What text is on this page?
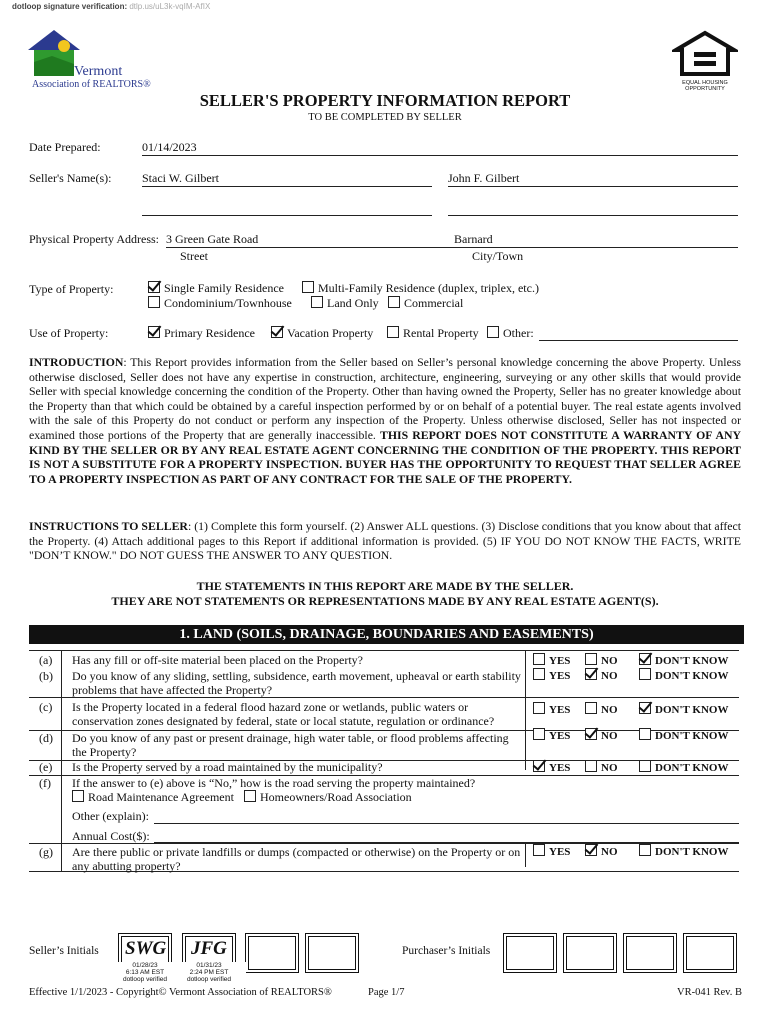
dotloop signature verification: dtlp.us/uL3k-vqIM-AfIX
Vermont
Association of REALTORS®	EQUAL HOUSING OPPORTUNITY
SELLER'S PROPERTY INFORMATION REPORT
TO BE COMPLETED BY SELLER
Date Prepared:	01/14/2023
Seller's Name(s):	Staci W. Gilbert	John F. Gilbert
Physical Property Address: 3 Green Gate Road	Barnard
Street	City/Town
Type of Property:	Single Family Residence	Multi-Family Residence (duplex, triplex, etc.)
Condominium/Townhouse	Land Only	Commercial
Use of Property:	Primary Residence	Vacation Property	Rental Property	Other:
INTRODUCTION: This Report provides information from the Seller based on Seller’s personal knowledge concerning the above Property. Unless otherwise disclosed, Seller does not have any expertise in construction, architecture, engineering, surveying or any other skills that would provide Seller with special knowledge concerning the condition of the Property. Other than having owned the Property, Seller has no greater knowledge about the Property than that which could be obtained by a careful inspection performed by or on behalf of a potential buyer. The real estate agents involved with the sale of this Property do not conduct or perform any inspection of the Property. Unless otherwise disclosed, Seller has not inspected or examined those portions of the Property that are generally inaccessible. THIS REPORT DOES NOT CONSTITUTE A WARRANTY OF ANY KIND BY THE SELLER OR BY ANY REAL ESTATE AGENT CONCERNING THE CONDITION OF THE PROPERTY. THIS REPORT IS NOT A SUBSTITUTE FOR A PROPERTY INSPECTION. BUYER HAS THE OPPORTUNITY TO REQUEST THAT SELLER AGREE TO A PROPERTY INSPECTION AS PART OF ANY CONTRACT FOR THE SALE OF THE PROPERTY.
INSTRUCTIONS TO SELLER: (1) Complete this form yourself. (2) Answer ALL questions. (3) Disclose conditions that you know about that affect the Property. (4) Attach additional pages to this Report if additional information is provided. (5) IF YOU DO NOT KNOW THE FACTS, WRITE "DON’T KNOW." DO NOT GUESS THE ANSWER TO ANY QUESTION.
THE STATEMENTS IN THIS REPORT ARE MADE BY THE SELLER.
THEY ARE NOT STATEMENTS OR REPRESENTATIONS MADE BY ANY REAL ESTATE AGENT(S).
1. LAND (SOILS, DRAINAGE, BOUNDARIES AND EASEMENTS)
(a) Has any fill or off-site material been placed on the Property?	YES	NO	DON'T KNOW
(b) Do you know of any sliding, settling, subsidence, earth movement, upheaval or earth stability problems that have affected the Property?
YES	NO	DON'T KNOW
(c) Is the Property located in a federal flood hazard zone or wetlands, public waters or conservation zones designated by federal, state or local statute, regulation or ordinance?
YES	NO	DON'T KNOW
(d) Do you know of any past or present drainage, high water table, or flood problems affecting the Property?
YES	NO	DON'T KNOW
(e) Is the Property served by a road maintained by the municipality?	YES	NO	DON'T KNOW
(f) If the answer to (e) above is “No,” how is the road serving the property maintained?
Road Maintenance Agreement	Homeowners/Road Association
Other (explain):
Annual Cost($):
(g) Are there public or private landfills or dumps (compacted or otherwise) on the Property or on any abutting property?
YES	NO	DON'T KNOW
Seller’s Initials SWG
01/28/23
6:13 AM EST
dotloop verified
JFG
01/31/23
2:24 PM EST
dotloop verified
Purchaser’s Initials
Effective 1/1/2023 - Copyright© Vermont Association of REALTORS®	Page 1/7	VR-041 Rev. B
